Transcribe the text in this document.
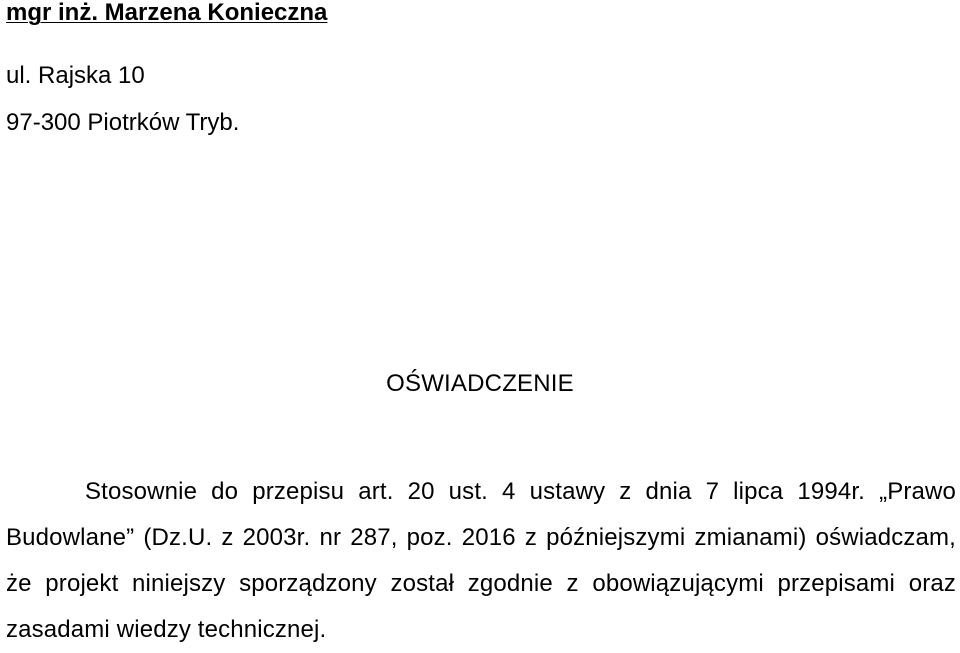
mgr inż. Marzena Konieczna
ul. Rajska 10
97-300 Piotrków Tryb.
OŚWIADCZENIE
Stosownie do przepisu art. 20 ust. 4 ustawy z dnia 7 lipca 1994r. „Prawo Budowlane” (Dz.U. z 2003r. nr 287, poz. 2016 z późniejszymi zmianami) oświadczam, że projekt niniejszy sporządzony został zgodnie z obowiązującymi przepisami oraz zasadami wiedzy technicznej.
